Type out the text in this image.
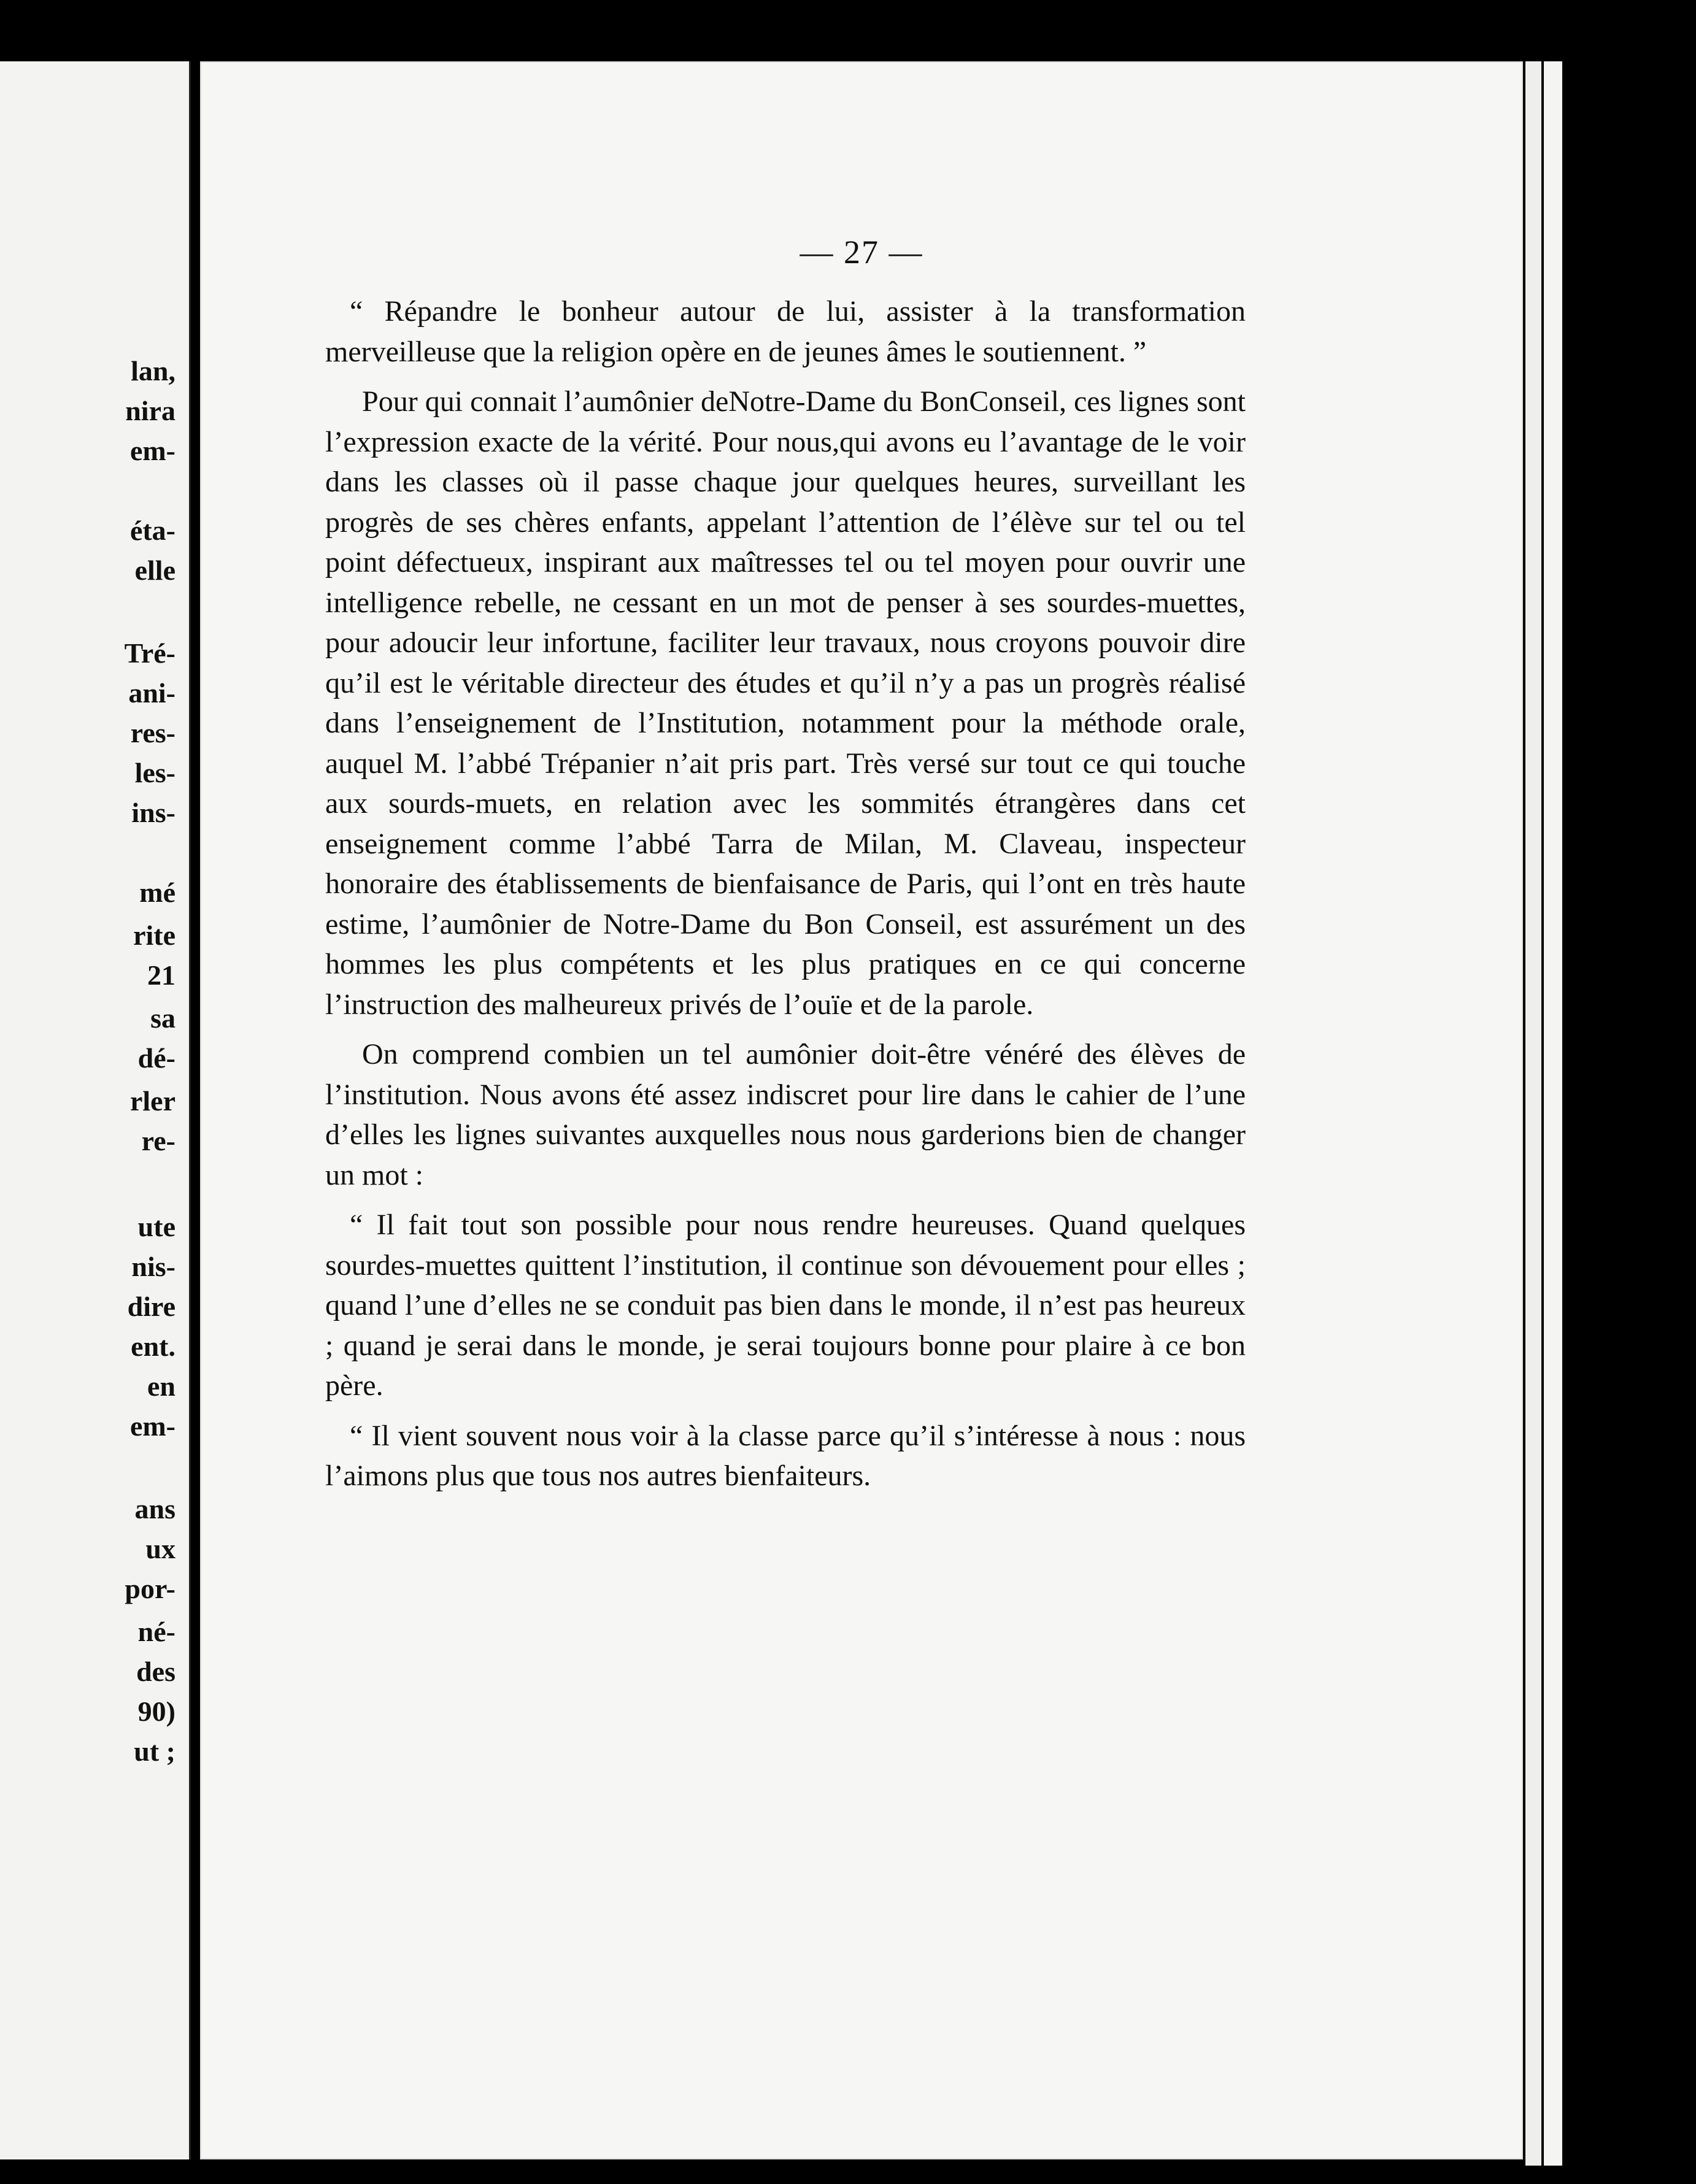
lan,
nira
em-
éta-
elle
Tré-
ani-
res-
les-
ins-
mé
rite
21
sa
dé-
rler
re-
ute
nis-
dire
ent.
en
em-
ans
ux
por-
né-
des
90)
ut ;
— 27 —

“ Répandre le bonheur autour de lui, assister à la transformation merveilleuse que la religion opère en de jeunes âmes le soutiennent. ”

Pour qui connait l’aumônier deNotre-Dame du BonConseil, ces lignes sont l’expression exacte de la vérité. Pour nous,qui avons eu l’avantage de le voir dans les classes où il passe chaque jour quelques heures, surveillant les progrès de ses chères enfants, appelant l’attention de l’élève sur tel ou tel point défectueux, inspirant aux maîtresses tel ou tel moyen pour ouvrir une intelligence rebelle, ne cessant en un mot de penser à ses sourdes-muettes, pour adoucir leur infortune, faciliter leur travaux, nous croyons pouvoir dire qu’il est le véritable directeur des études et qu’il n’y a pas un progrès réalisé dans l’enseignement de l’Institution, notamment pour la méthode orale, auquel M. l’abbé Trépanier n’ait pris part. Très versé sur tout ce qui touche aux sourds-muets, en relation avec les sommités étrangères dans cet enseignement comme l’abbé Tarra de Milan, M. Claveau, inspecteur honoraire des établissements de bienfaisance de Paris, qui l’ont en très haute estime, l’aumônier de Notre-Dame du Bon Conseil, est assurément un des hommes les plus compétents et les plus pratiques en ce qui concerne l’instruction des malheureux privés de l’ouïe et de la parole.

On comprend combien un tel aumônier doit-être vénéré des élèves de l’institution. Nous avons été assez indiscret pour lire dans le cahier de l’une d’elles les lignes suivantes auxquelles nous nous garderions bien de changer un mot :

“ Il fait tout son possible pour nous rendre heureuses. Quand quelques sourdes-muettes quittent l’institution, il continue son dévouement pour elles ; quand l’une d’elles ne se conduit pas bien dans le monde, il n’est pas heureux ; quand je serai dans le monde, je serai toujours bonne pour plaire à ce bon père.

“ Il vient souvent nous voir à la classe parce qu’il s’intéresse à nous : nous l’aimons plus que tous nos autres bienfaiteurs.
